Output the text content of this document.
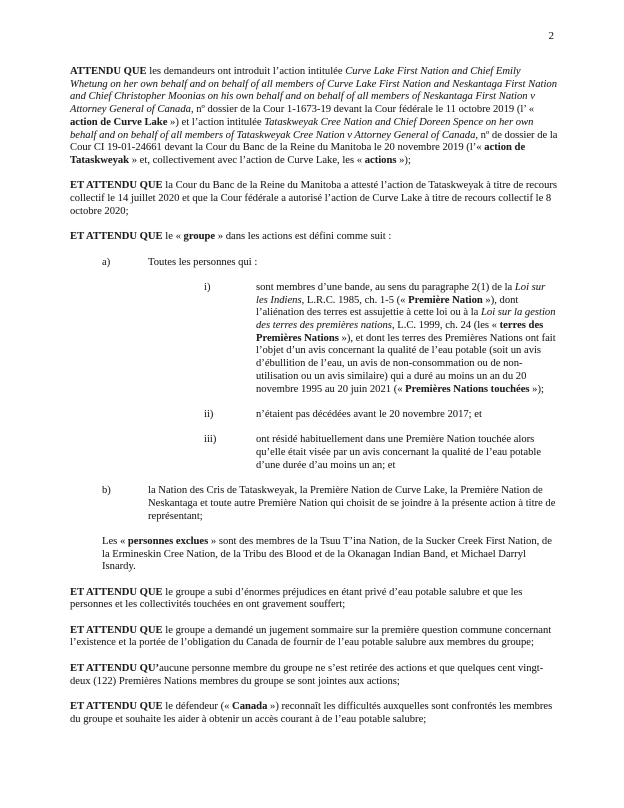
2
ATTENDU QUE les demandeurs ont introduit l’action intitulée Curve Lake First Nation and Chief Emily Whetung on her own behalf and on behalf of all members of Curve Lake First Nation and Neskantaga First Nation and Chief Christopher Moonias on his own behalf and on behalf of all members of Neskantaga First Nation v Attorney General of Canada, nº dossier de la Cour 1-1673-19 devant la Cour fédérale le 11 octobre 2019 (l’ « action de Curve Lake ») et l’action intitulée Tataskweyak Cree Nation and Chief Doreen Spence on her own behalf and on behalf of all members of Tataskweyak Cree Nation v Attorney General of Canada, nº de dossier de la Cour CI 19-01-24661 devant la Cour du Banc de la Reine du Manitoba le 20 novembre 2019 (l’« action de Tataskweyak » et, collectivement avec l’action de Curve Lake, les « actions »);
ET ATTENDU QUE la Cour du Banc de la Reine du Manitoba a attesté l’action de Tataskweyak à titre de recours collectif le 14 juillet 2020 et que la Cour fédérale a autorisé l’action de Curve Lake à titre de recours collectif le 8 octobre 2020;
ET ATTENDU QUE le « groupe » dans les actions est défini comme suit :
a)	Toutes les personnes qui :
i)	sont membres d’une bande, au sens du paragraphe 2(1) de la Loi sur les Indiens, L.R.C. 1985, ch. 1-5 (« Première Nation »), dont l’aliénation des terres est assujettie à cette loi ou à la Loi sur la gestion des terres des premières nations, L.C. 1999, ch. 24 (les « terres des Premières Nations »), et dont les terres des Premières Nations ont fait l’objet d’un avis concernant la qualité de l’eau potable (soit un avis d’ébullition de l’eau, un avis de non-consommation ou de non-utilisation ou un avis similaire) qui a duré au moins un an du 20 novembre 1995 au 20 juin 2021 (« Premières Nations touchées »);
ii)	n’étaient pas décédées avant le 20 novembre 2017; et
iii)	ont résidé habituellement dans une Première Nation touchée alors qu’elle était visée par un avis concernant la qualité de l’eau potable d’une durée d’au moins un an; et
b)	la Nation des Cris de Tataskweyak, la Première Nation de Curve Lake, la Première Nation de Neskantaga et toute autre Première Nation qui choisit de se joindre à la présente action à titre de représentant;
Les « personnes exclues » sont des membres de la Tsuu T’ina Nation, de la Sucker Creek First Nation, de la Ermineskin Cree Nation, de la Tribu des Blood et de la Okanagan Indian Band, et Michael Darryl Isnardy.
ET ATTENDU QUE le groupe a subi d’énormes préjudices en étant privé d’eau potable salubre et que les personnes et les collectivités touchées en ont gravement souffert;
ET ATTENDU QUE le groupe a demandé un jugement sommaire sur la première question commune concernant l’existence et la portée de l’obligation du Canada de fournir de l’eau potable salubre aux membres du groupe;
ET ATTENDU QU’aucune personne membre du groupe ne s’est retirée des actions et que quelques cent vingt-deux (122) Premières Nations membres du groupe se sont jointes aux actions;
ET ATTENDU QUE le défendeur (« Canada ») reconnaît les difficultés auxquelles sont confrontés les membres du groupe et souhaite les aider à obtenir un accès courant à de l’eau potable salubre;
